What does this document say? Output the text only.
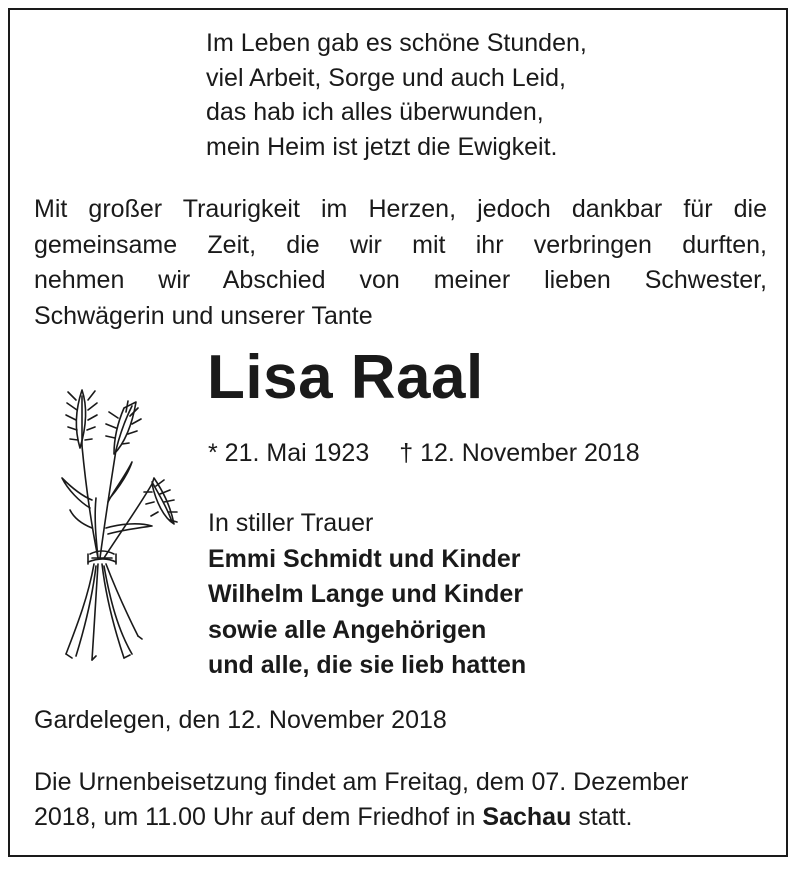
Im Leben gab es schöne Stunden,
viel Arbeit, Sorge und auch Leid,
das hab ich alles überwunden,
mein Heim ist jetzt die Ewigkeit.
Mit großer Traurigkeit im Herzen, jedoch dankbar für die
gemeinsame Zeit, die wir mit ihr verbringen durften,
nehmen wir Abschied von meiner lieben Schwester,
Schwägerin und unserer Tante
Lisa Raal
* 21. Mai 1923 † 12. November 2018
In stiller Trauer
Emmi Schmidt und Kinder
Wilhelm Lange und Kinder
sowie alle Angehörigen
und alle, die sie lieb hatten
Gardelegen, den 12. November 2018
Die Urnenbeisetzung findet am Freitag, dem 07. Dezember
2018, um 11.00 Uhr auf dem Friedhof in Sachau statt.
